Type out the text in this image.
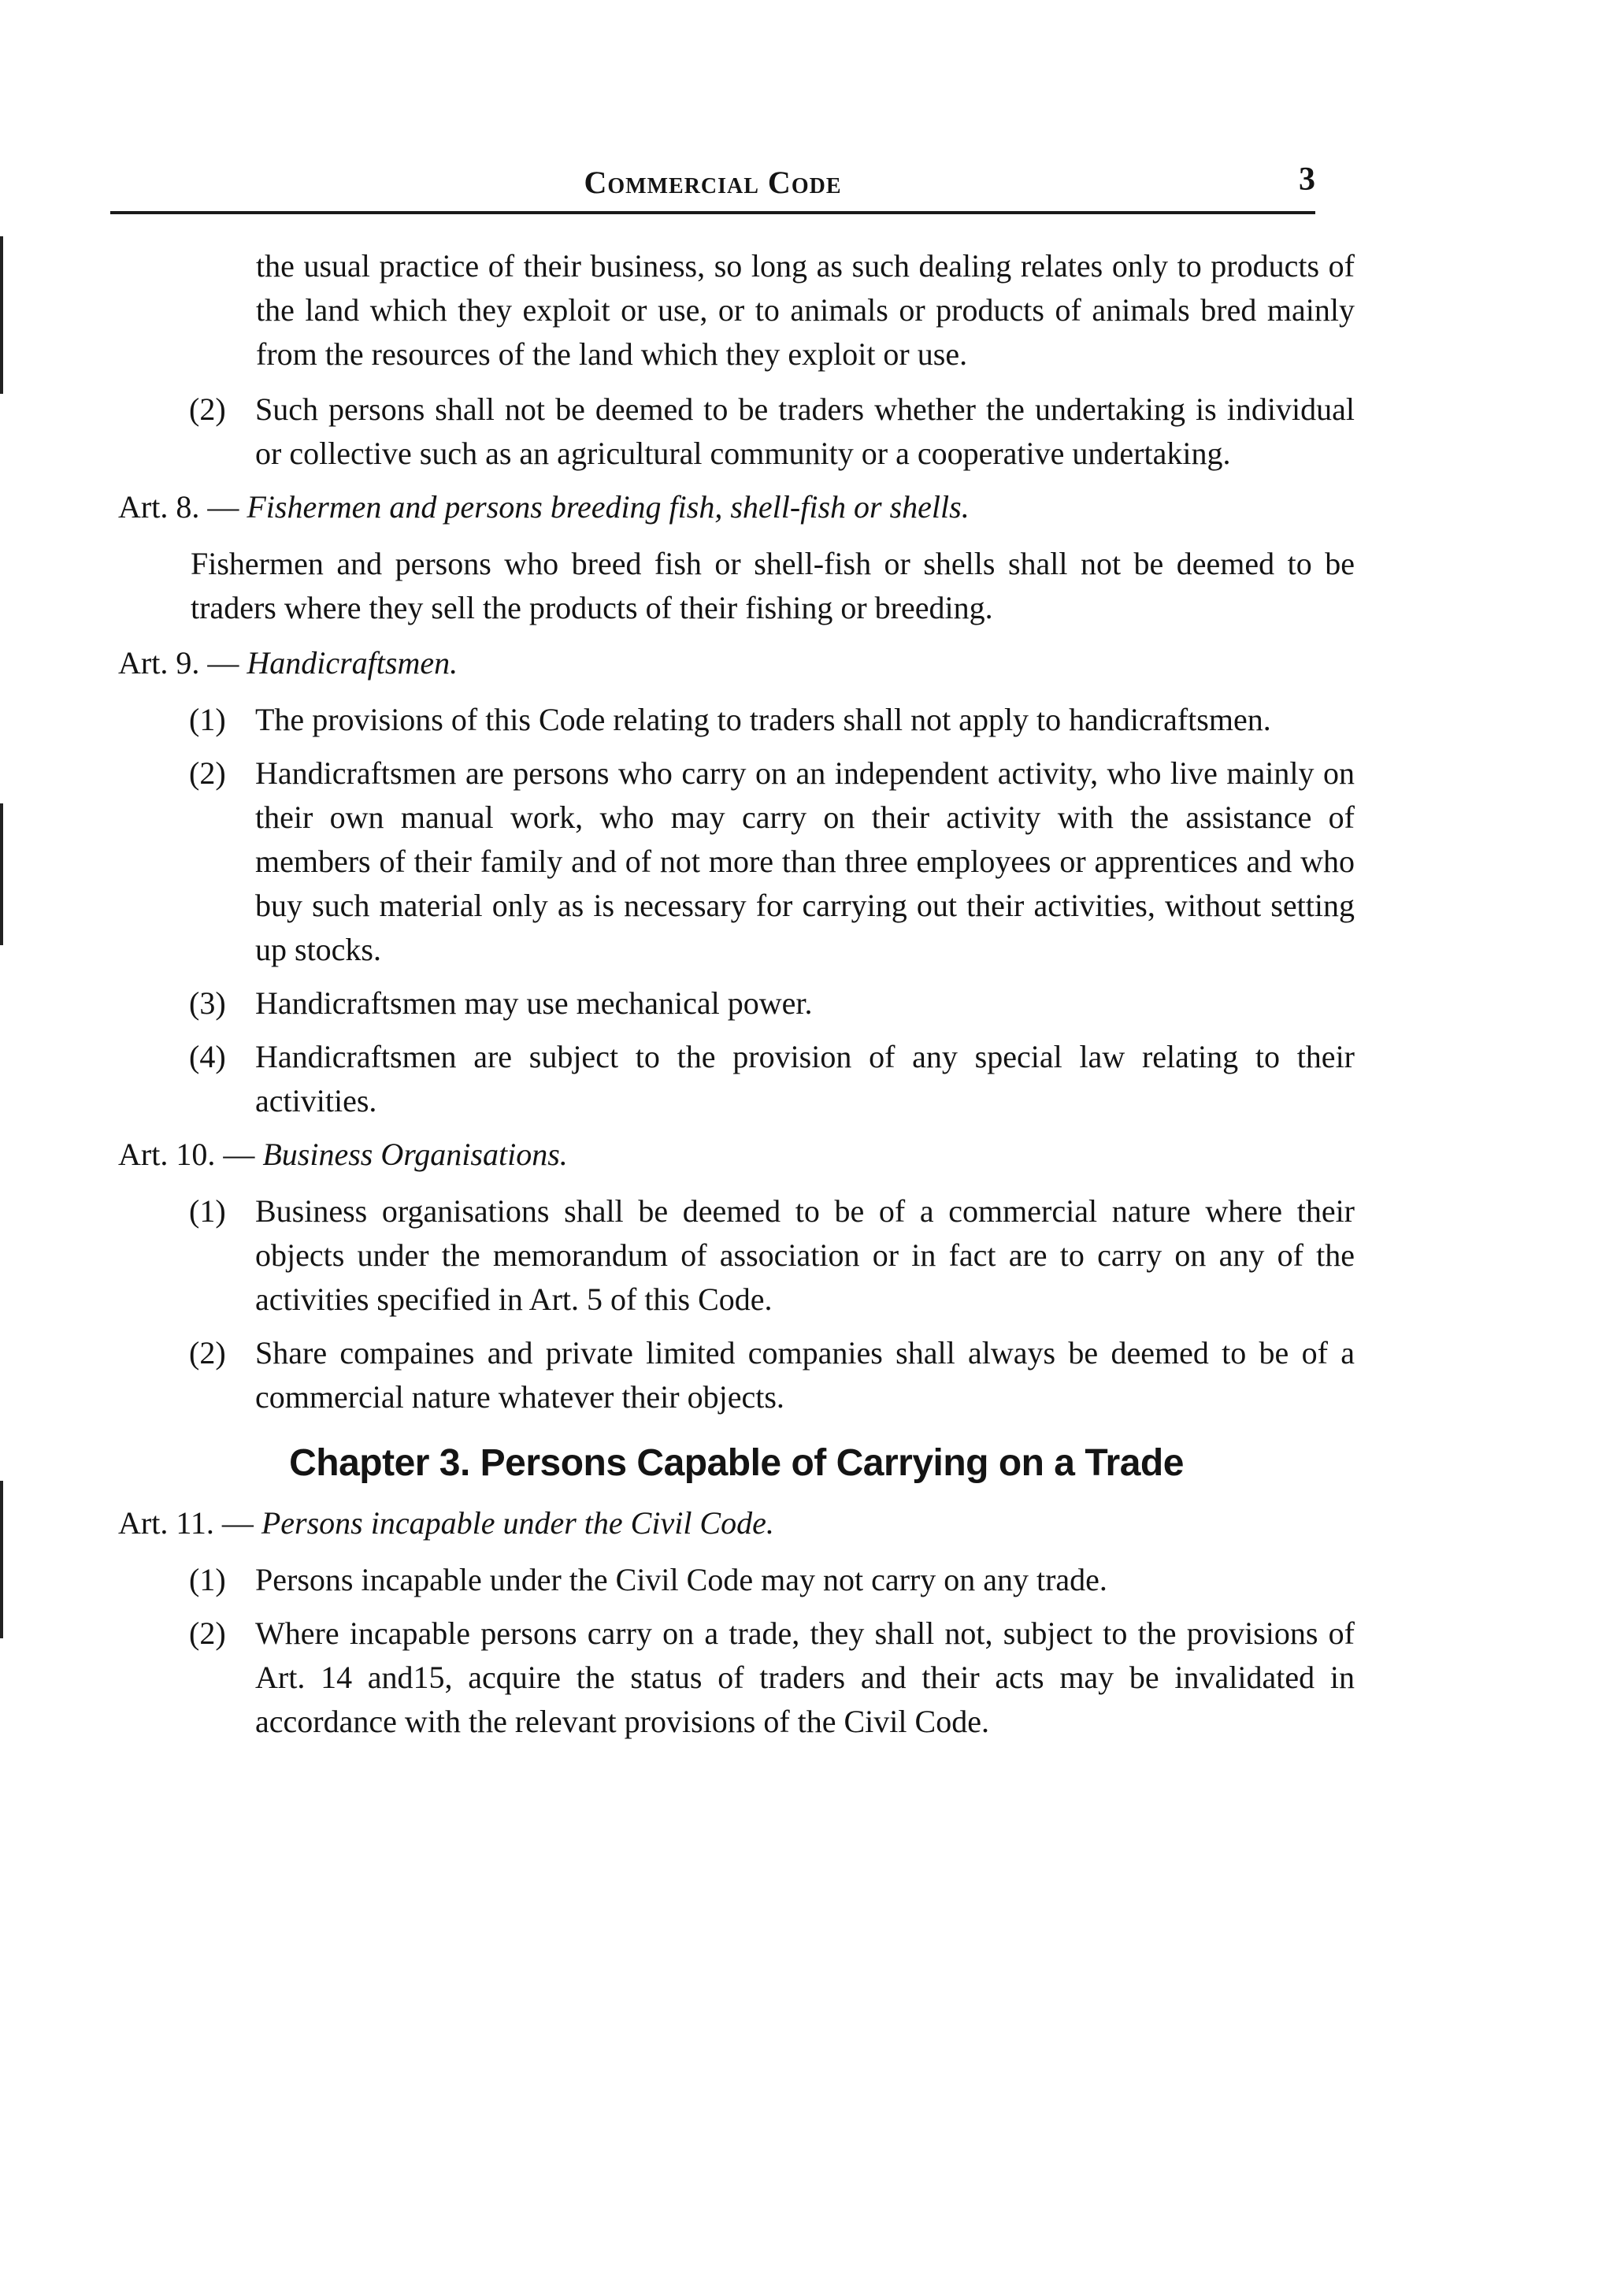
Commercial Code	3

the usual practice of their business, so long as such dealing relates only to products of the land which they exploit or use, or to animals or products of animals bred mainly from the resources of the land which they exploit or use.

(2) Such persons shall not be deemed to be traders whether the undertaking is individual or collective such as an agricultural community or a cooperative undertaking.
Art. 8. — Fishermen and persons breeding fish, shell-fish or shells.

Fishermen and persons who breed fish or shell-fish or shells shall not be deemed to be traders where they sell the products of their fishing or breeding.

Art. 9. — Handicraftsmen.
(1) The provisions of this Code relating to traders shall not apply to handicraftsmen.
(2) Handicraftsmen are persons who carry on an independent activity, who live mainly on their own manual work, who may carry on their activity with the assistance of members of their family and of not more than three employees or apprentices and who buy such material only as is necessary for carrying out their activities, without setting up stocks.
(3) Handicraftsmen may use mechanical power.
(4) Handicraftsmen are subject to the provision of any special law relating to their activities.
Art. 10. — Business Organisations.
(1) Business organisations shall be deemed to be of a commercial nature where their objects under the memorandum of association or in fact are to carry on any of the activities specified in Art. 5 of this Code.
(2) Share compaines and private limited companies shall always be deemed to be of a commercial nature whatever their objects.
Chapter 3. Persons Capable of Carrying on a Trade
Art. 11. — Persons incapable under the Civil Code.
(1) Persons incapable under the Civil Code may not carry on any trade.
(2) Where incapable persons carry on a trade, they shall not, subject to the provisions of Art. 14 and15, acquire the status of traders and their acts may be invalidated in accordance with the relevant provisions of the Civil Code.
